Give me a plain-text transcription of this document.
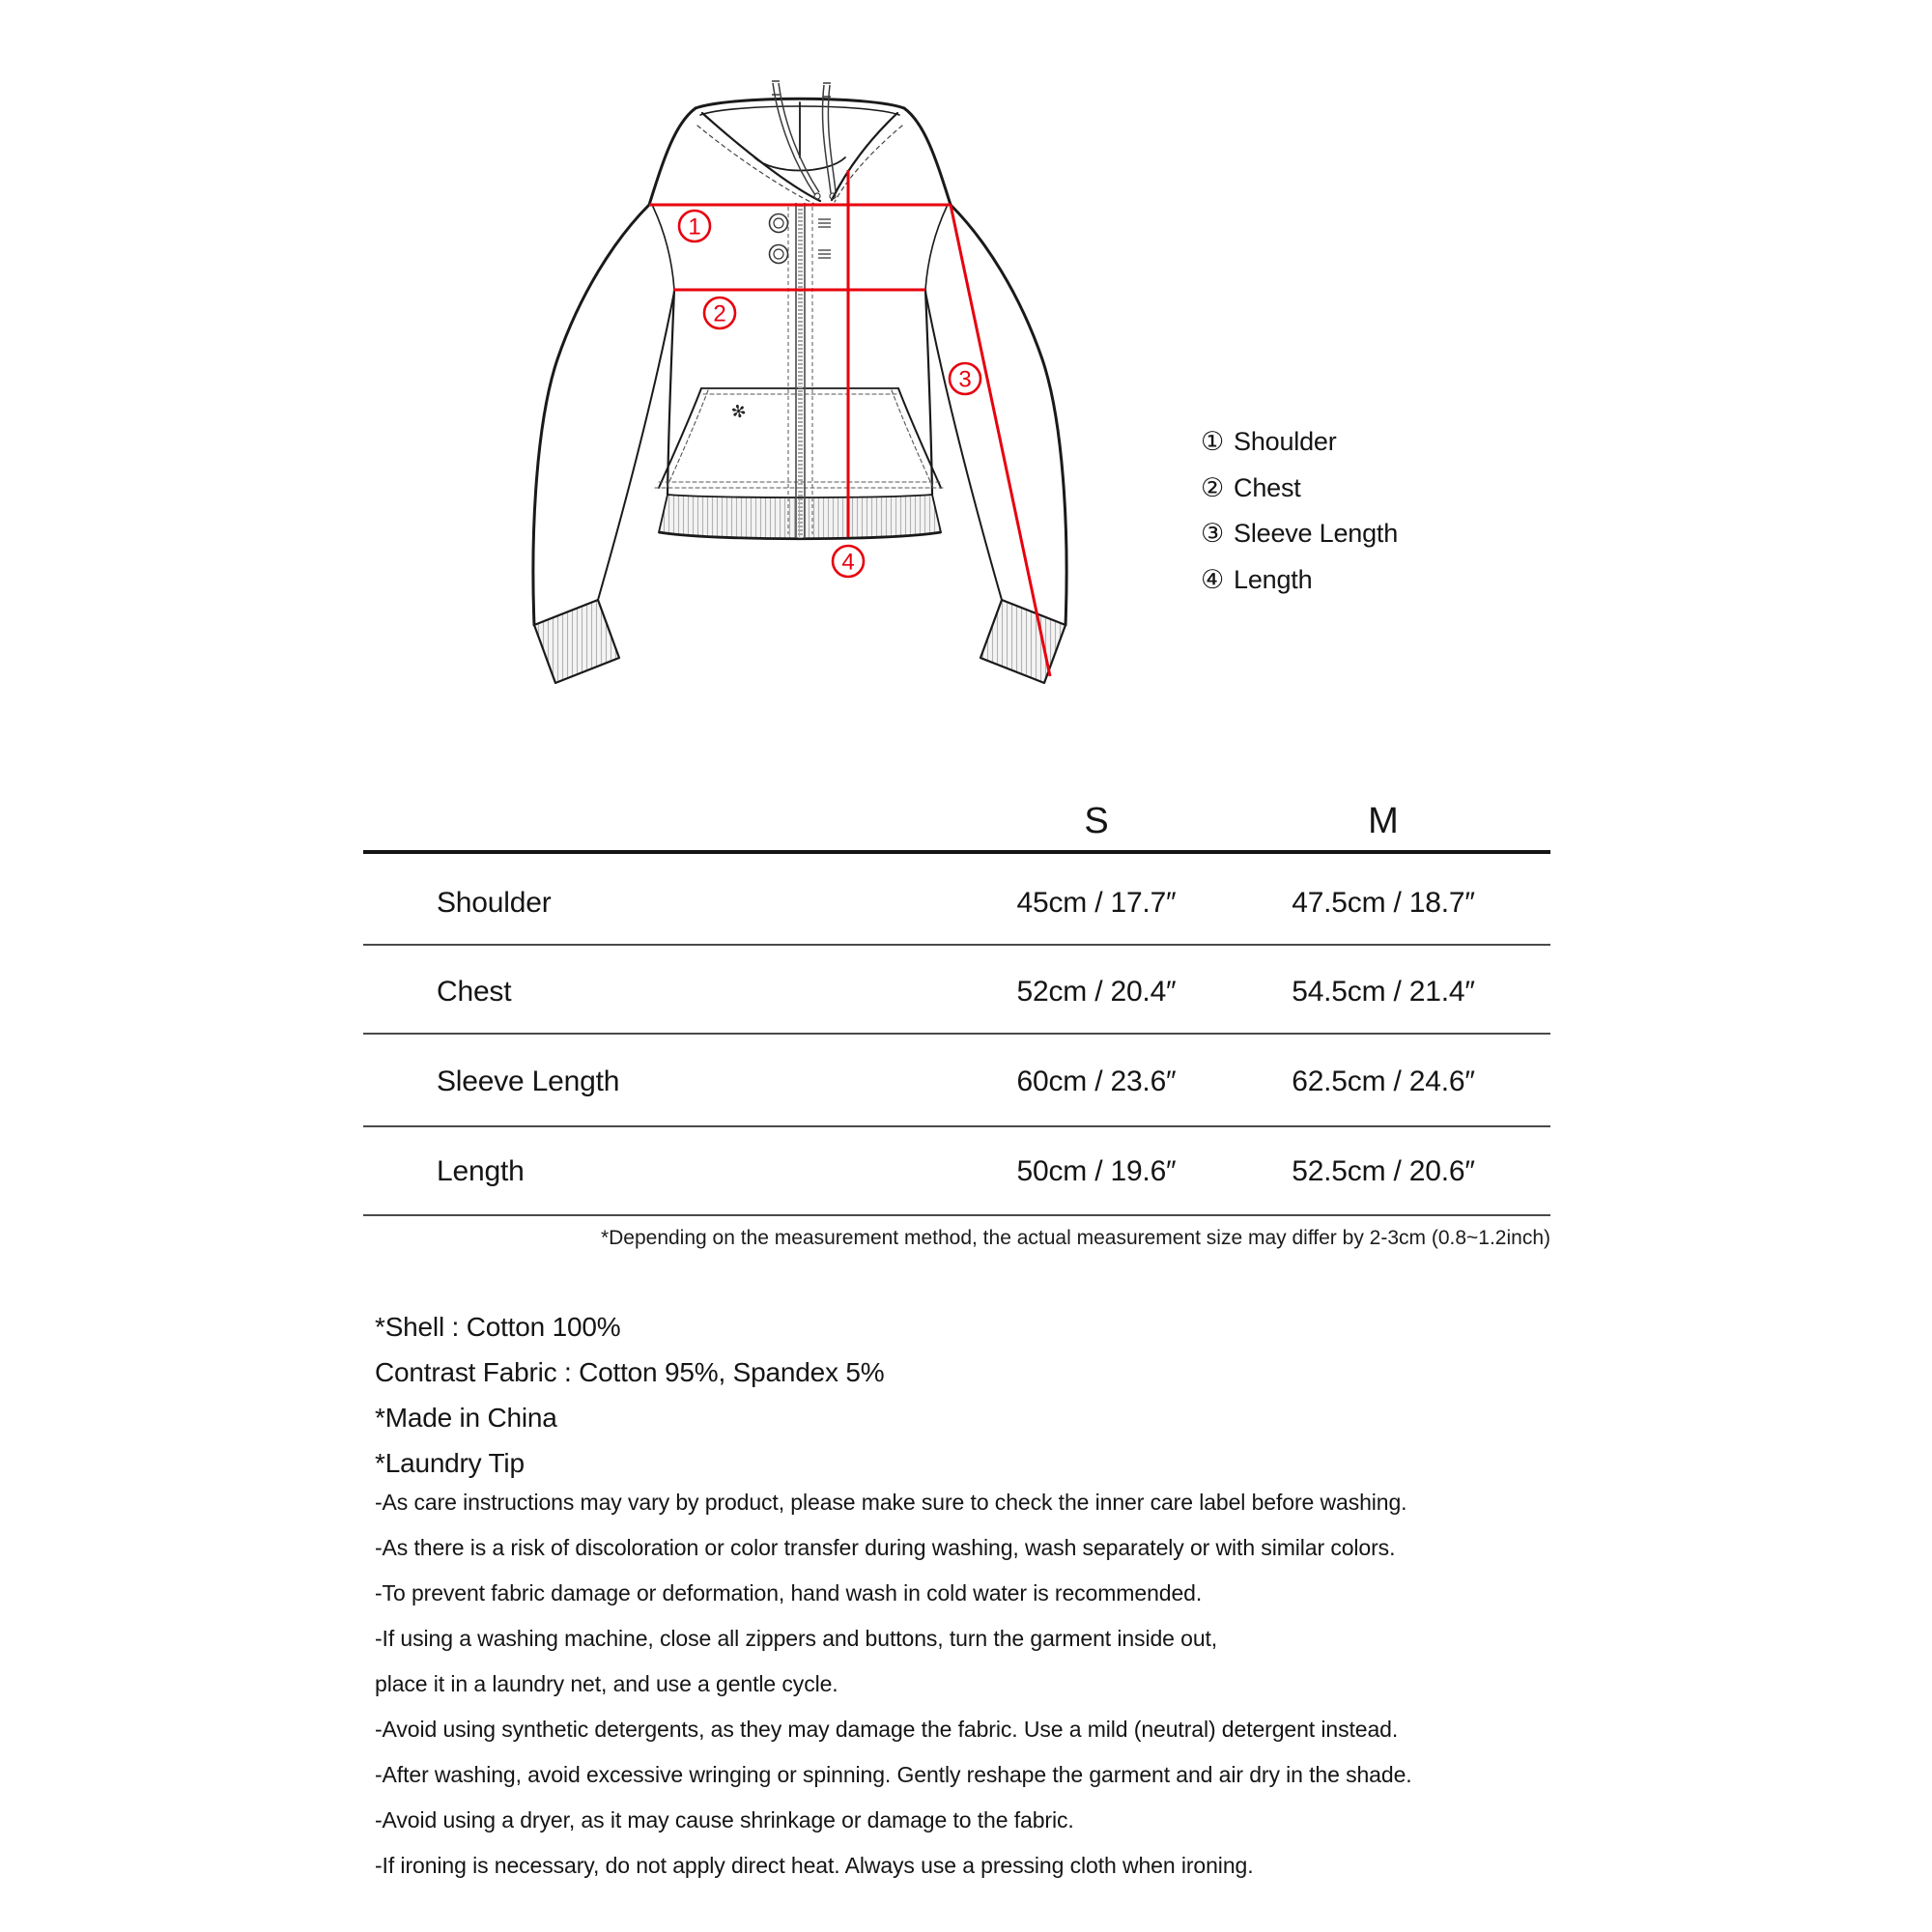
✻
1
2
3
4
① Shoulder
② Chest
③ Sleeve Length
④ Length
S	M
Shoulder	45cm / 17.7″	47.5cm / 18.7″
Chest	52cm / 20.4″	54.5cm / 21.4″
Sleeve Length	60cm / 23.6″	62.5cm / 24.6″
Length	50cm / 19.6″	52.5cm / 20.6″
*Depending on the measurement method, the actual measurement size may differ by 2-3cm (0.8~1.2inch)
*Shell : Cotton 100%
Contrast Fabric : Cotton 95%, Spandex 5%
*Made in China
*Laundry Tip
-As care instructions may vary by product, please make sure to check the inner care label before washing.
-As there is a risk of discoloration or color transfer during washing, wash separately or with similar colors.
-To prevent fabric damage or deformation, hand wash in cold water is recommended.
-If using a washing machine, close all zippers and buttons, turn the garment inside out,
place it in a laundry net, and use a gentle cycle.
-Avoid using synthetic detergents, as they may damage the fabric. Use a mild (neutral) detergent instead.
-After washing, avoid excessive wringing or spinning. Gently reshape the garment and air dry in the shade.
-Avoid using a dryer, as it may cause shrinkage or damage to the fabric.
-If ironing is necessary, do not apply direct heat. Always use a pressing cloth when ironing.
